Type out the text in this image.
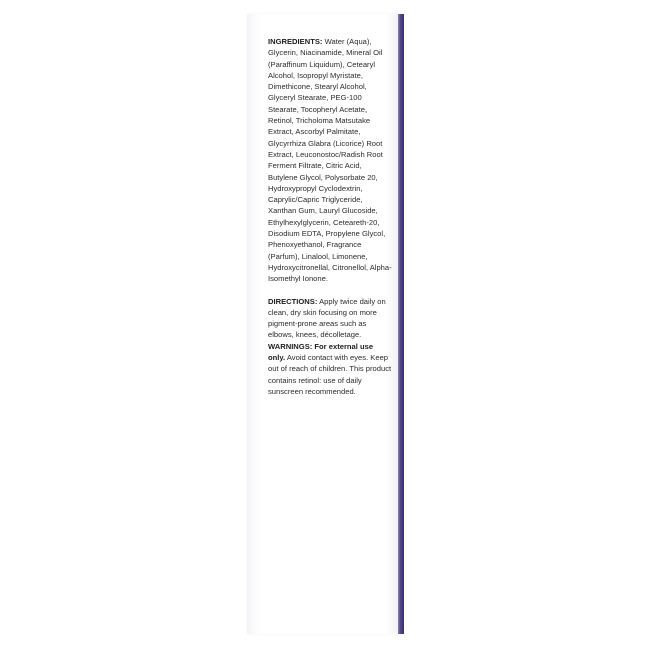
INGREDIENTS: Water (Aqua), Glycerin, Niacinamide, Mineral Oil (Paraffinum Liquidum), Cetearyl Alcohol, Isopropyl Myristate, Dimethicone, Stearyl Alcohol, Glyceryl Stearate, PEG-100 Stearate, Tocopheryl Acetate, Retinol, Tricholoma Matsutake Extract, Ascorbyl Palmitate, Glycyrrhiza Glabra (Licorice) Root Extract, Leuconostoc/Radish Root Ferment Filtrate, Citric Acid, Butylene Glycol, Polysorbate 20, Hydroxypropyl Cyclodextrin, Caprylic/Capric Triglyceride, Xanthan Gum, Lauryl Glucoside, Ethylhexylglycerin, Ceteareth-20, Disodium EDTA, Propylene Glycol, Phenoxyethanol, Fragrance (Parfum), Linalool, Limonene, Hydroxycitronellal, Citronellol, Alpha-Isomethyl Ionone.

DIRECTIONS: Apply twice daily on clean, dry skin focusing on more pigment-prone areas such as elbows, knees, décolletage.

WARNINGS: For external use only. Avoid contact with eyes. Keep out of reach of children. This product contains retinol: use of daily sunscreen recommended.
